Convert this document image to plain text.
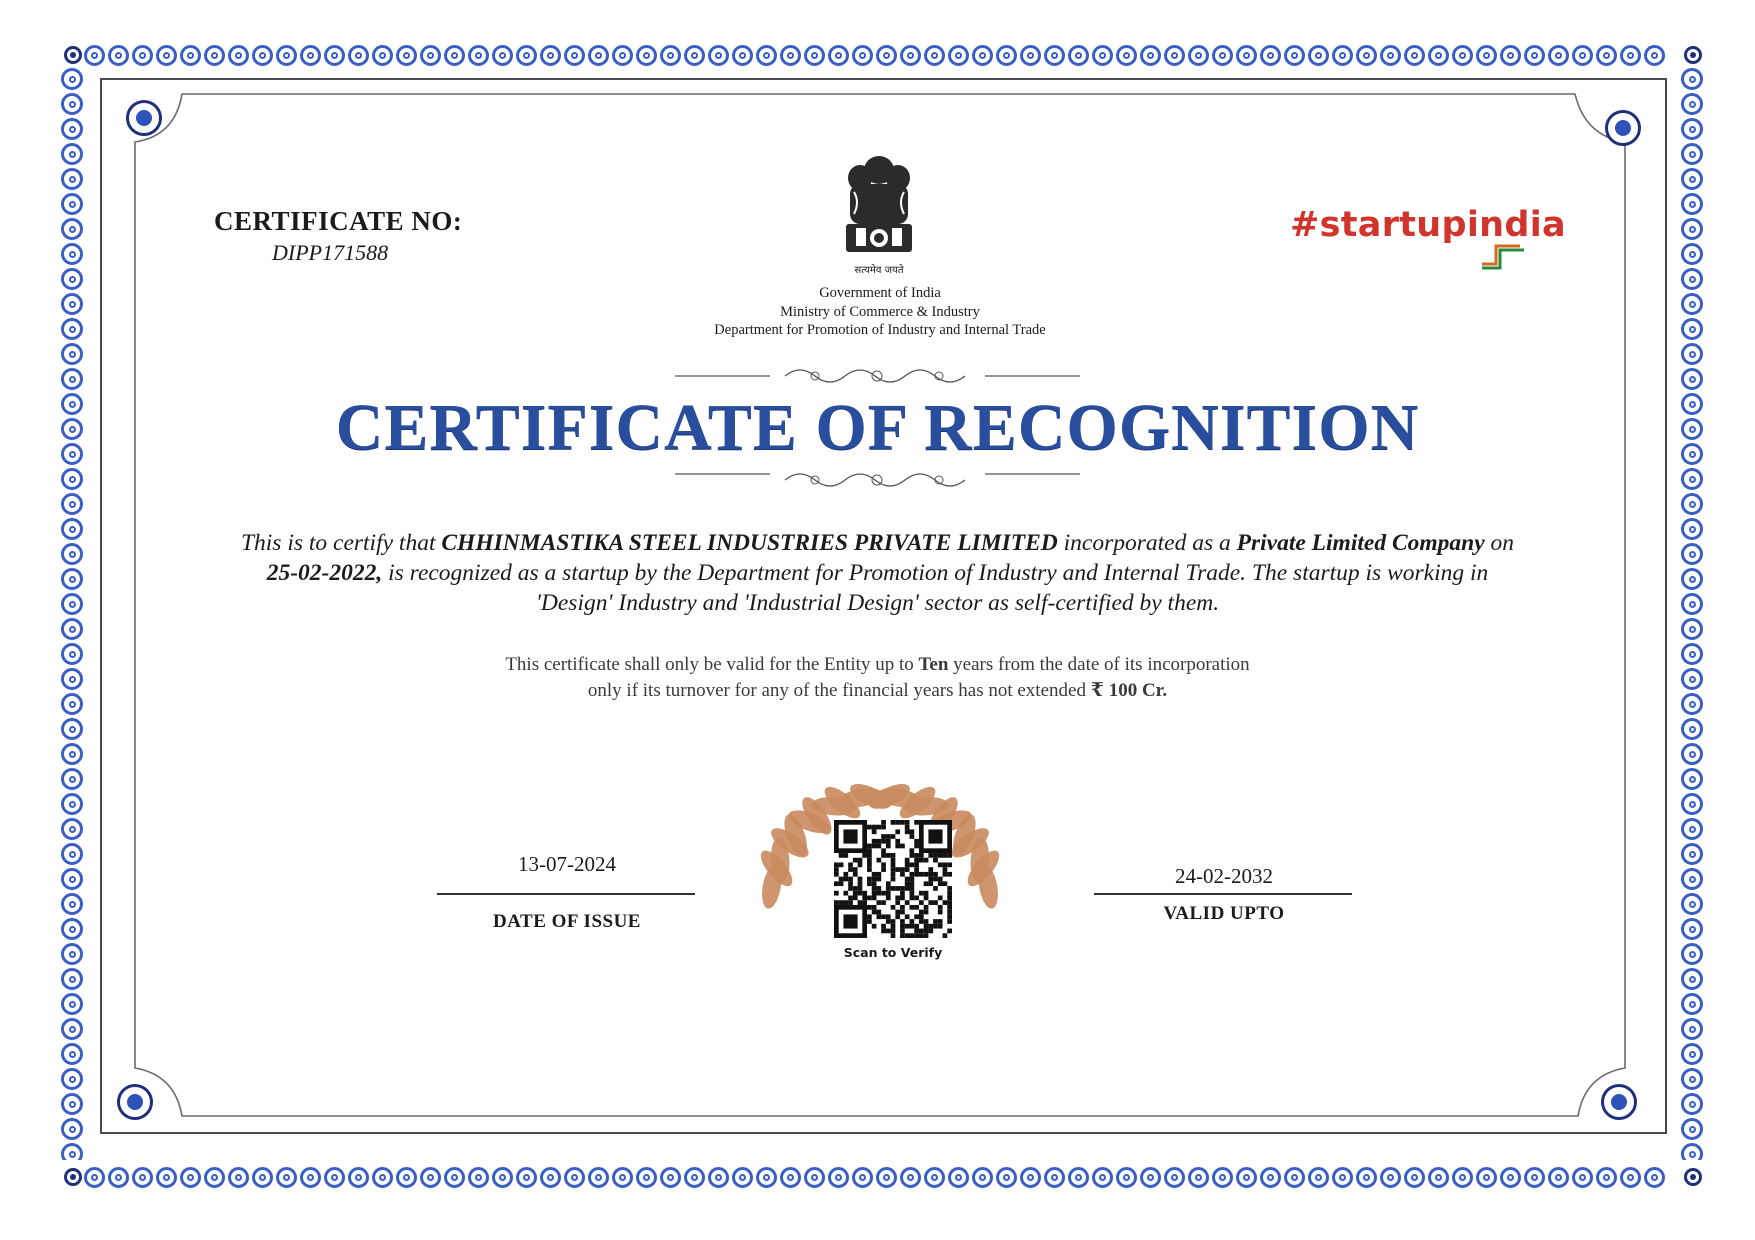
CERTIFICATE NO:
DIPP171588
सत्यमेव जयते
Government of India
Ministry of Commerce & Industry
Department for Promotion of Industry and Internal Trade
#startupindia
CERTIFICATE OF RECOGNITION
This is to certify that CHHINMASTIKA STEEL INDUSTRIES PRIVATE LIMITED incorporated as a Private Limited Company on 25-02-2022, is recognized as a startup by the Department for Promotion of Industry and Internal Trade. The startup is working in 'Design' Industry and 'Industrial Design' sector as self-certified by them.
This certificate shall only be valid for the Entity up to Ten years from the date of its incorporation
only if its turnover for any of the financial years has not extended ₹ 100 Cr.
13-07-2024
DATE OF ISSUE
24-02-2032
VALID UPTO
Scan to Verify
